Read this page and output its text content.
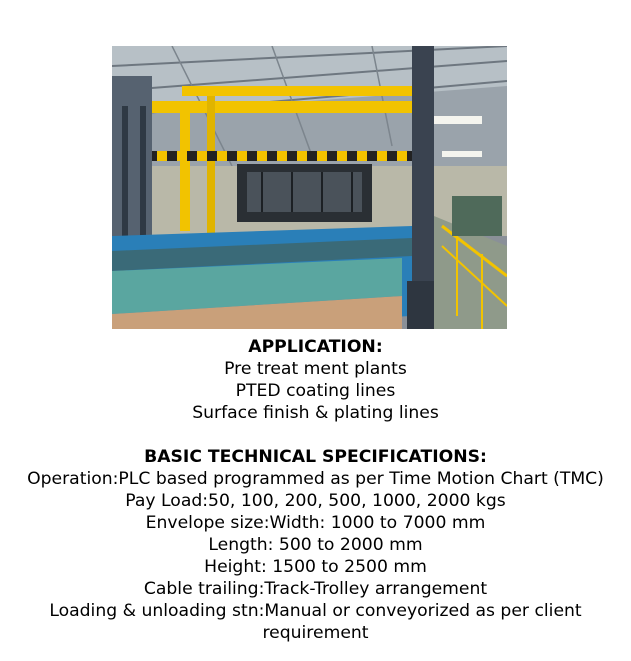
APPLICATION:
Pre treat ment plants
PTED coating lines
Surface finish & plating lines
BASIC TECHNICAL SPECIFICATIONS:
Operation:PLC based programmed as per Time Motion Chart (TMC)
Pay Load:50, 100, 200, 500, 1000, 2000 kgs
Envelope size:Width: 1000 to 7000 mm
Length: 500 to 2000 mm
Height: 1500 to 2500 mm
Cable trailing:Track-Trolley arrangement
Loading & unloading stn:Manual or conveyorized as per client
requirement
